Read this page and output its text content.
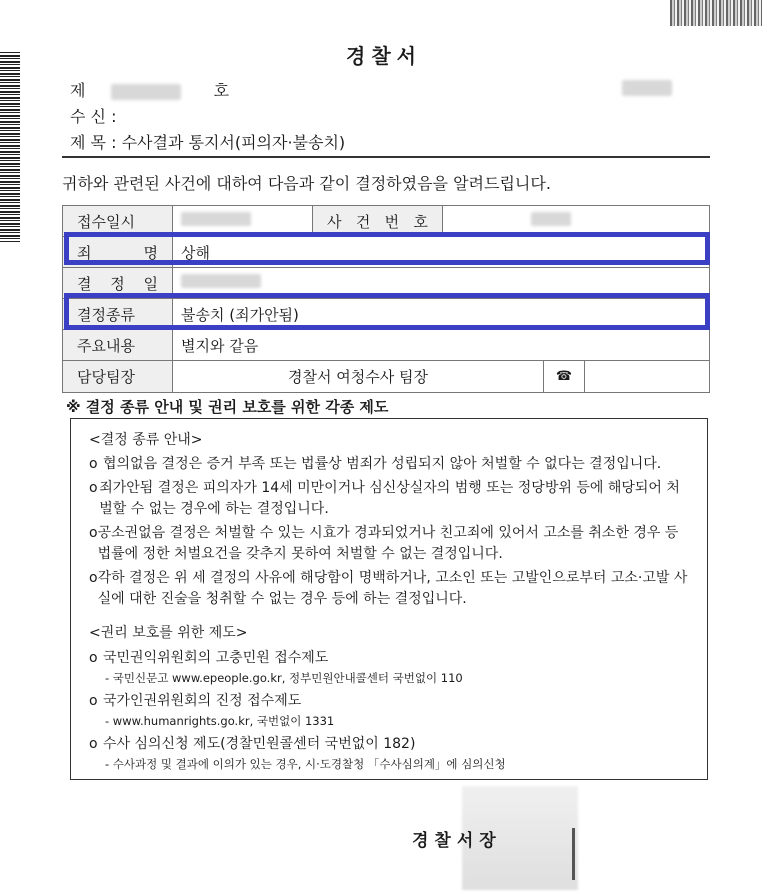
경찰서
제	호
수 신 :
제 목 : 수사결과 통지서(피의자·불송치)
귀하와 관련된 사건에 대하여 다음과 같이 결정하였음을 알려드립니다.
접수일시		사 건 번 호	
죄 명	상해		
결 정 일			
결정종류	불송치 (죄가안됨)		
주요내용	별지와 같음		
담당팀장	경찰서 여청수사 팀장 ☎		
※ 결정 종류 안내 및 권리 보호를 위한 각종 제도
<결정 종류 안내>
o 협의없음 결정은 증거 부족 또는 법률상 범죄가 성립되지 않아 처벌할 수 없다는 결정입니다.
o 죄가안됨 결정은 피의자가 14세 미만이거나 심신상실자의 범행 또는 정당방위 등에 해당되어 처벌할 수 없는 경우에 하는 결정입니다.
o 공소권없음 결정은 처벌할 수 있는 시효가 경과되었거나 친고죄에 있어서 고소를 취소한 경우 등 법률에 정한 처벌요건을 갖추지 못하여 처벌할 수 없는 결정입니다.
o 각하 결정은 위 세 결정의 사유에 해당함이 명백하거나, 고소인 또는 고발인으로부터 고소·고발 사실에 대한 진술을 청취할 수 없는 경우 등에 하는 결정입니다.
<권리 보호를 위한 제도>
o 국민권익위원회의 고충민원 접수제도
- 국민신문고 www.epeople.go.kr, 정부민원안내콜센터 국번없이 110
o 국가인권위원회의 진정 접수제도
- www.humanrights.go.kr, 국번없이 1331
o 수사 심의신청 제도(경찰민원콜센터 국번없이 182)
- 수사과정 및 결과에 이의가 있는 경우, 시·도경찰청 「수사심의계」에 심의신청
경찰서장
